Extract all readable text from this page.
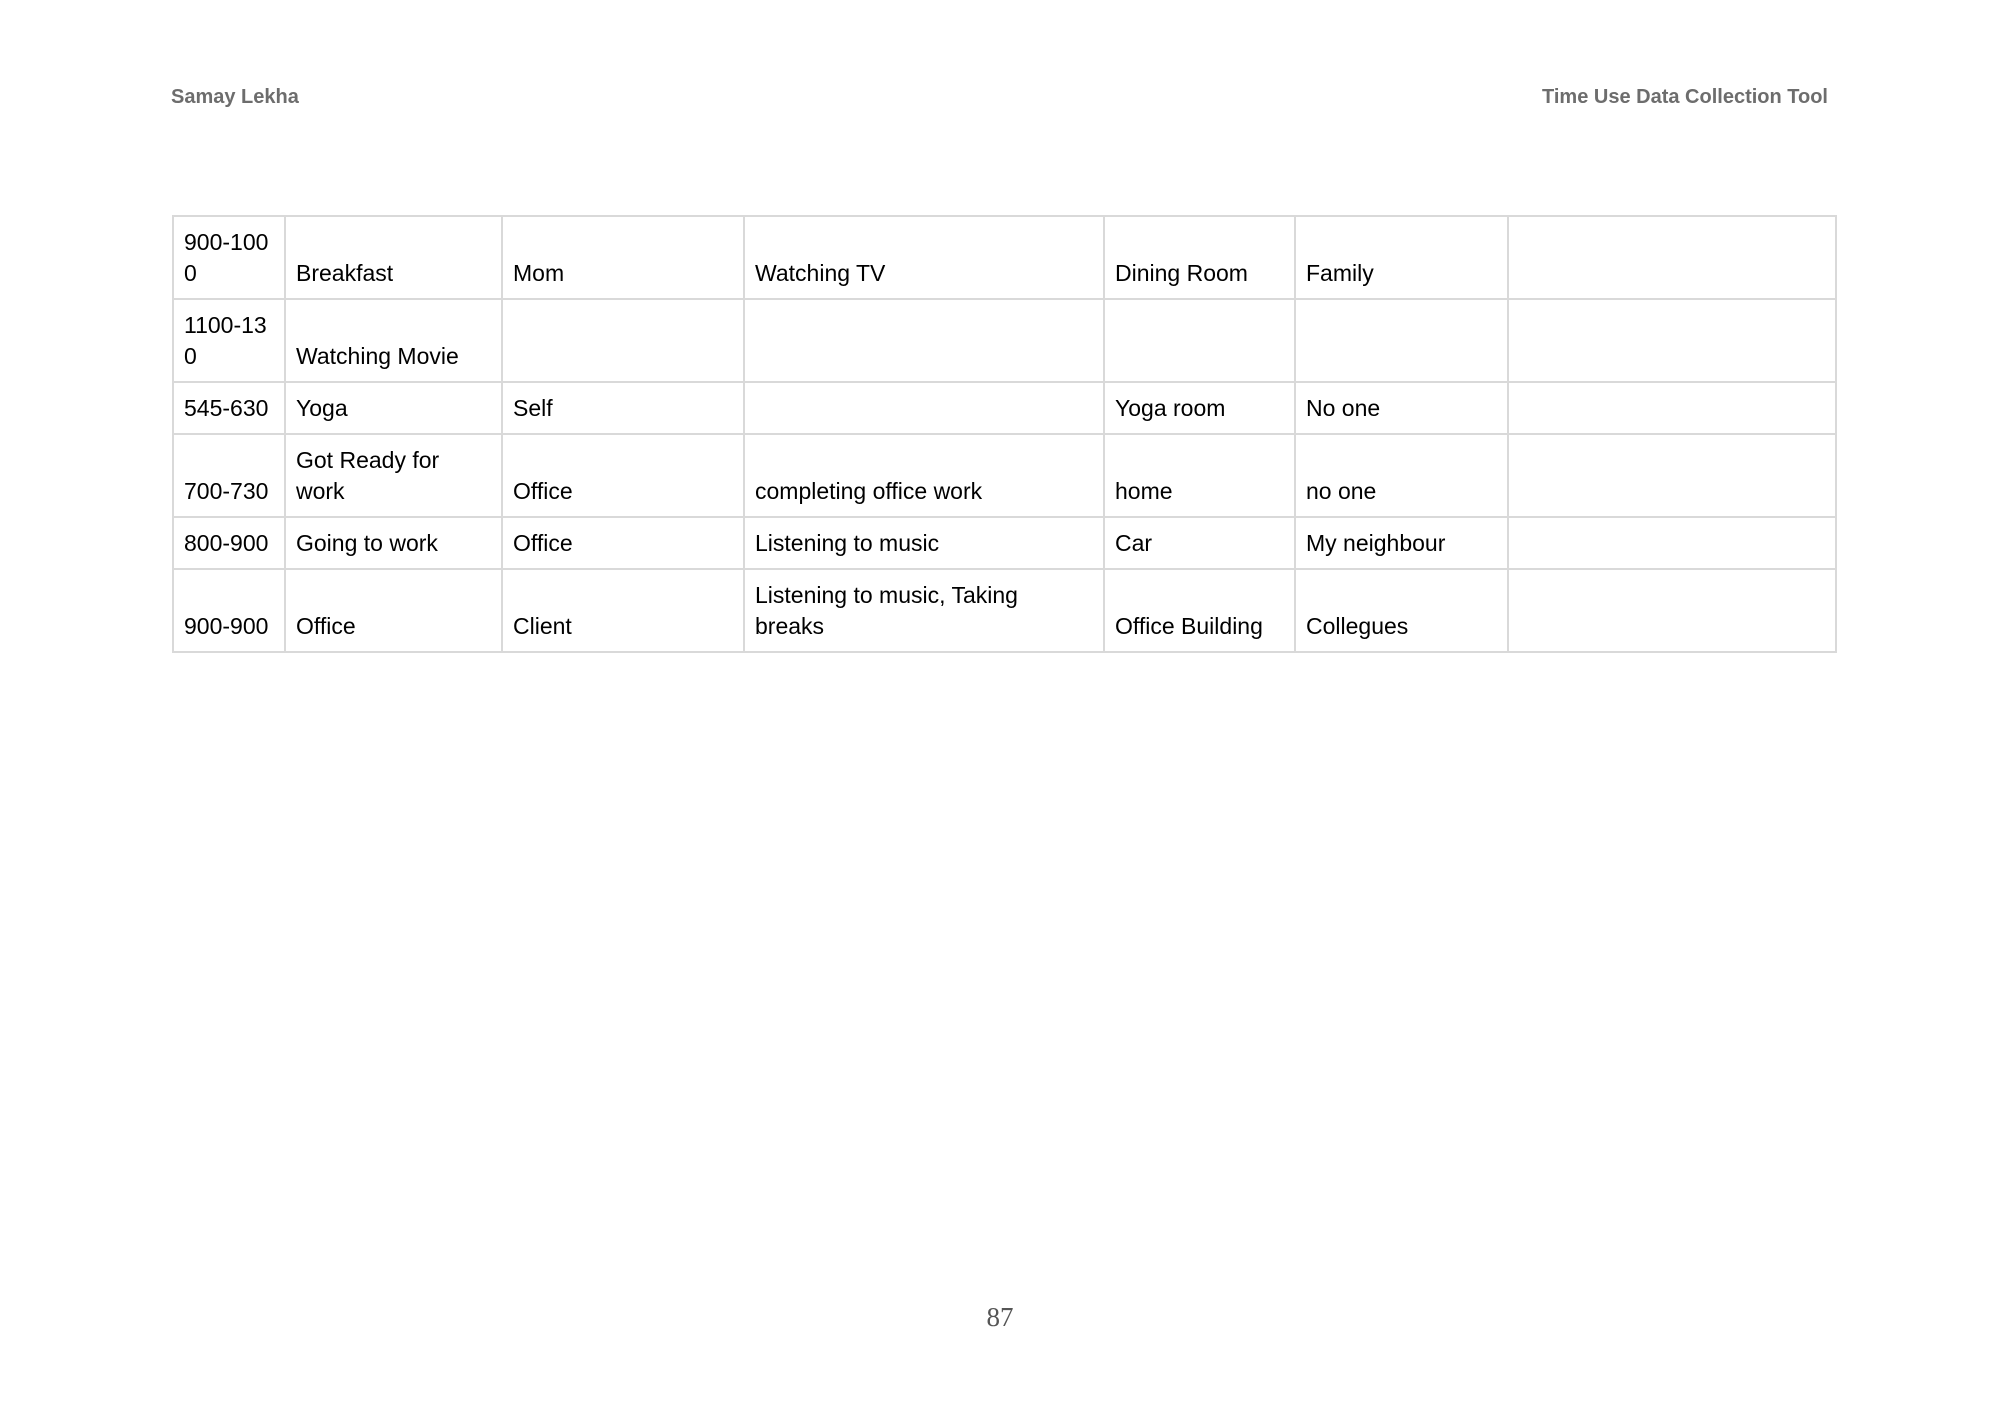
Samay Lekha	Time Use Data Collection Tool
900-100 0	Breakfast	Mom	Watching TV	Dining Room	Family	
1100-13 0	Watching Movie					
545-630	Yoga	Self		Yoga room	No one	
700-730	Got Ready for work	Office	completing office work	home	no one	
800-900	Going to work	Office	Listening to music	Car	My neighbour	
900-900	Office	Client	Listening to music, Taking breaks	Office Building	Collegues	
87
